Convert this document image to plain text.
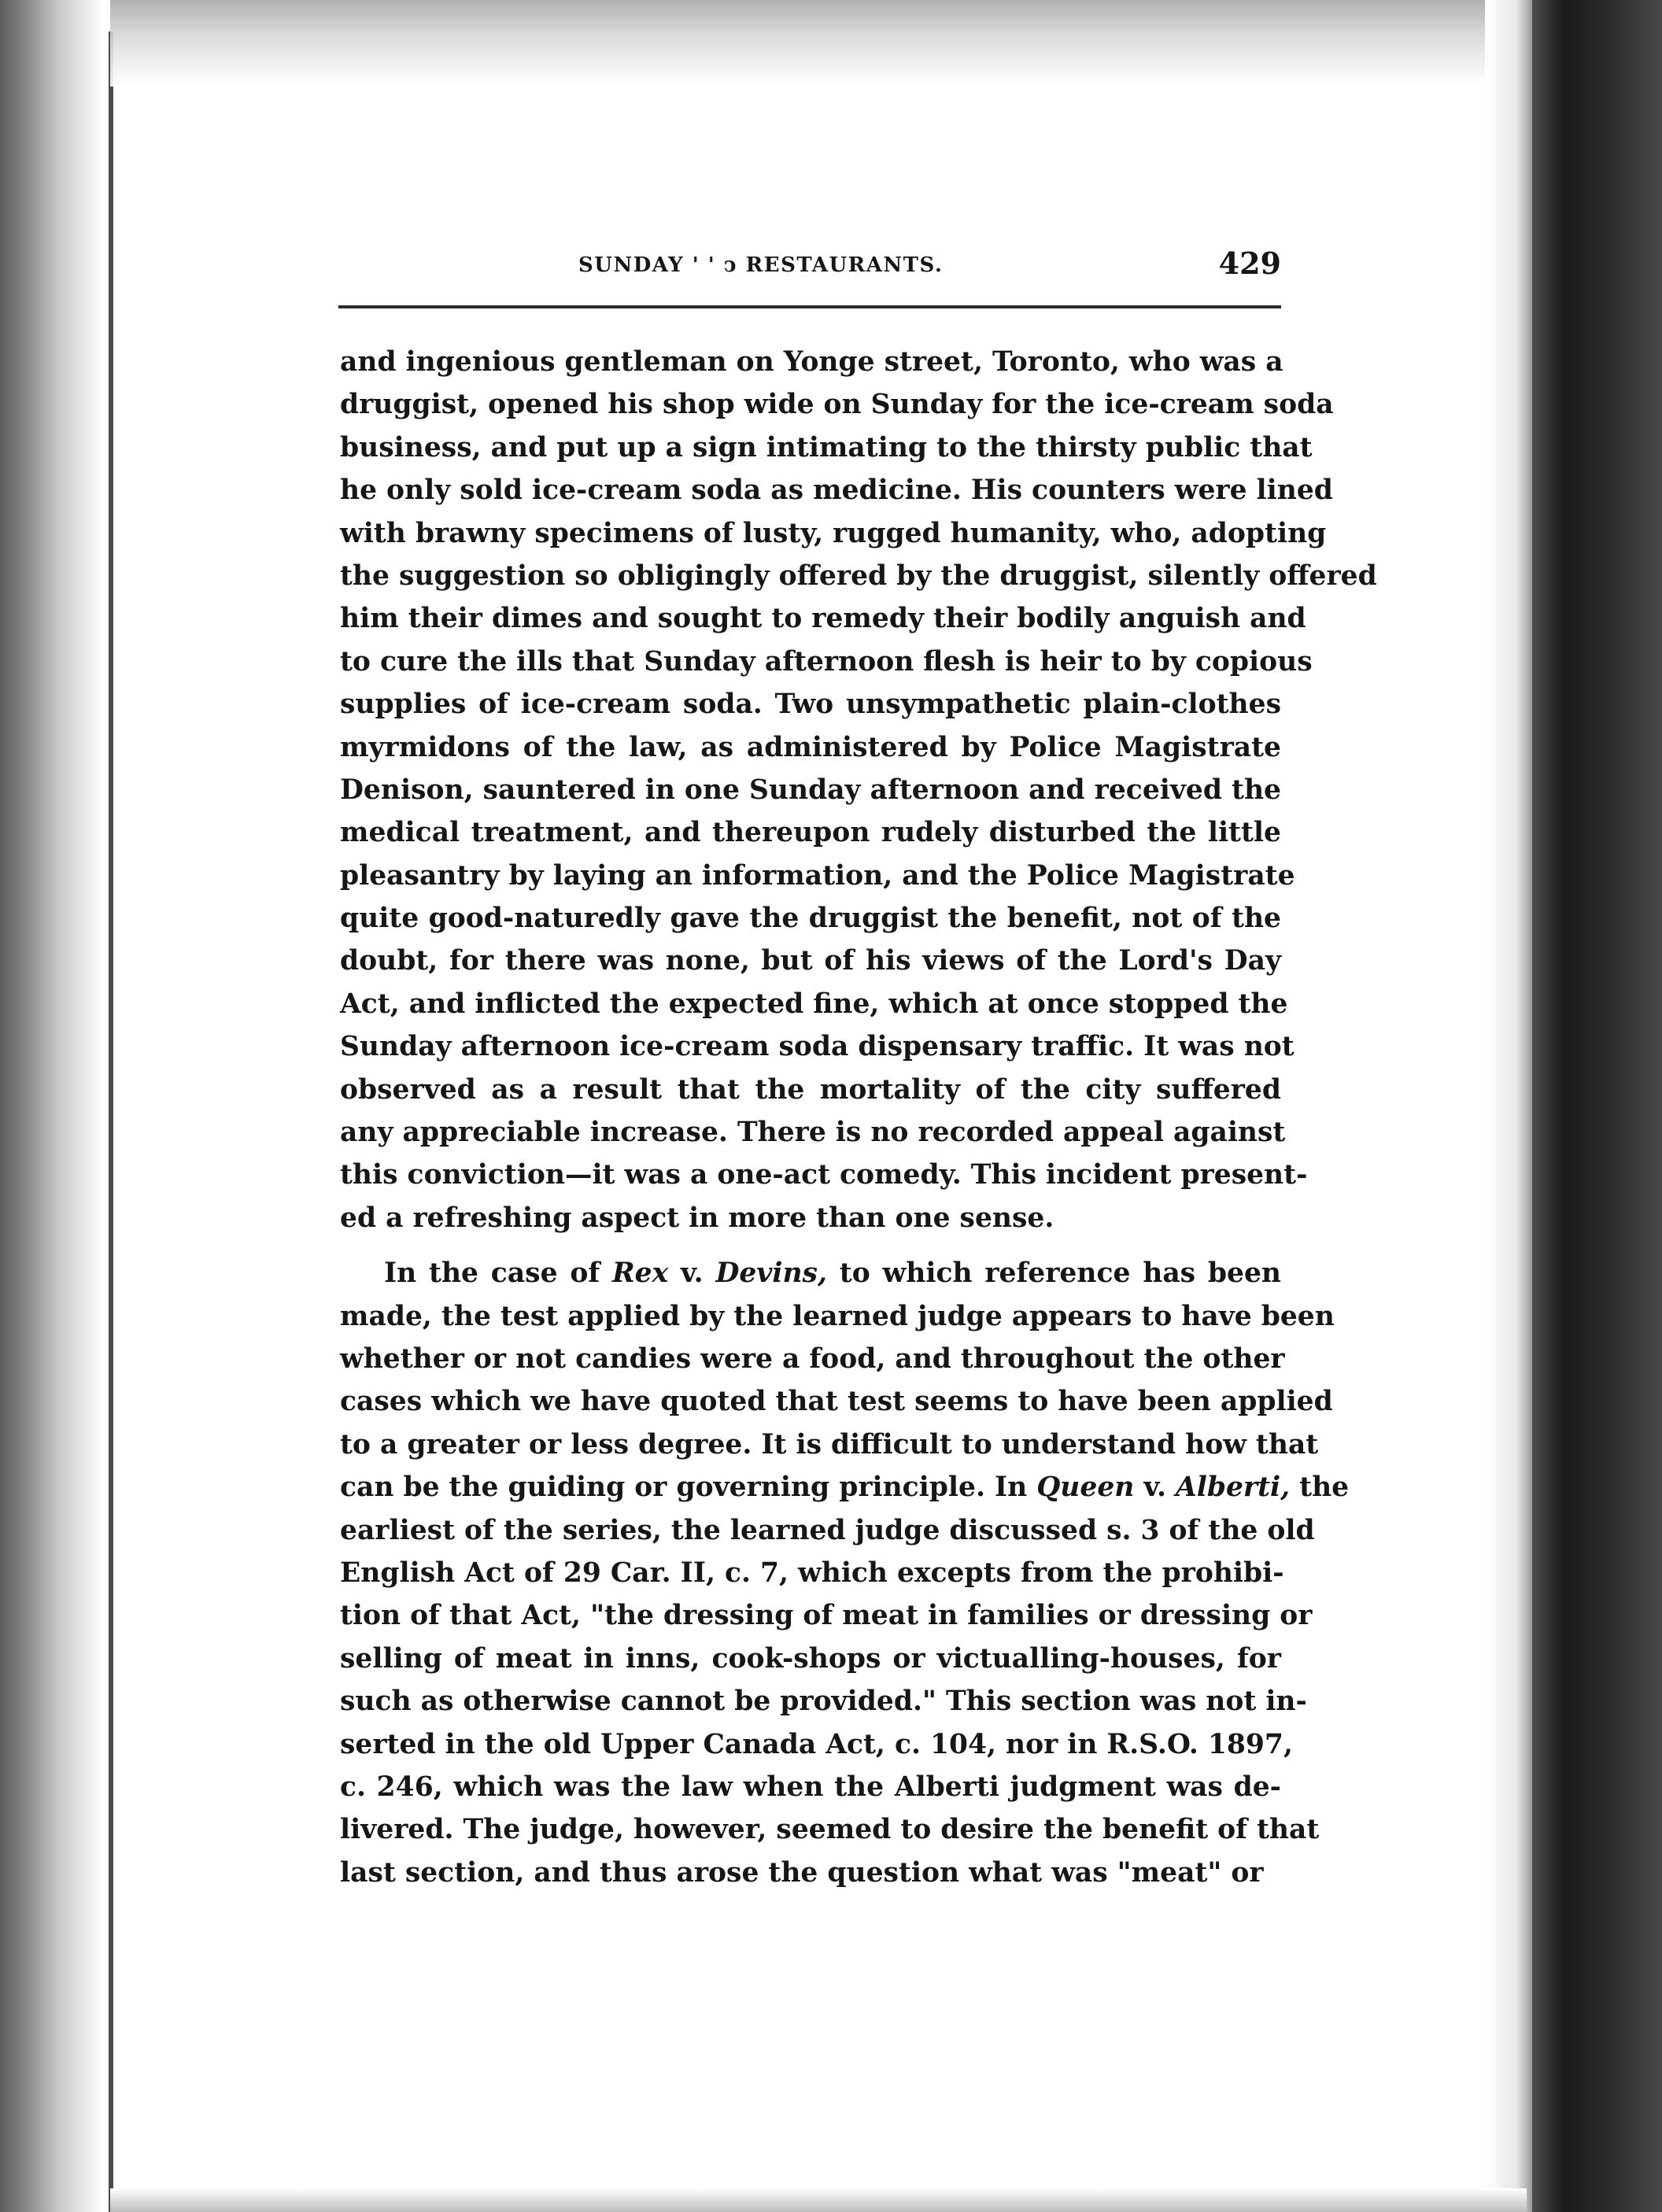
SUNDAY ' ' ↄ RESTAURANTS.	429
and ingenious gentleman on Yonge street, Toronto, who was a
druggist, opened his shop wide on Sunday for the ice-cream soda
business, and put up a sign intimating to the thirsty public that
he only sold ice-cream soda as medicine. His counters were lined
with brawny specimens of lusty, rugged humanity, who, adopting
the suggestion so obligingly offered by the druggist, silently offered
him their dimes and sought to remedy their bodily anguish and
to cure the ills that Sunday afternoon flesh is heir to by copious
supplies of ice-cream soda. Two unsympathetic plain-clothes
myrmidons of the law, as administered by Police Magistrate
Denison, sauntered in one Sunday afternoon and received the
medical treatment, and thereupon rudely disturbed the little
pleasantry by laying an information, and the Police Magistrate
quite good-naturedly gave the druggist the benefit, not of the
doubt, for there was none, but of his views of the Lord's Day
Act, and inflicted the expected fine, which at once stopped the
Sunday afternoon ice-cream soda dispensary traffic. It was not
observed as a result that the mortality of the city suffered
any appreciable increase. There is no recorded appeal against
this conviction—it was a one-act comedy. This incident present-
ed a refreshing aspect in more than one sense.
In the case of Rex v. Devins, to which reference has been
made, the test applied by the learned judge appears to have been
whether or not candies were a food, and throughout the other
cases which we have quoted that test seems to have been applied
to a greater or less degree. It is difficult to understand how that
can be the guiding or governing principle. In Queen v. Alberti, the
earliest of the series, the learned judge discussed s. 3 of the old
English Act of 29 Car. II, c. 7, which excepts from the prohibi-
tion of that Act, "the dressing of meat in families or dressing or
selling of meat in inns, cook-shops or victualling-houses, for
such as otherwise cannot be provided." This section was not in-
serted in the old Upper Canada Act, c. 104, nor in R.S.O. 1897,
c. 246, which was the law when the Alberti judgment was de-
livered. The judge, however, seemed to desire the benefit of that
last section, and thus arose the question what was "meat" or
